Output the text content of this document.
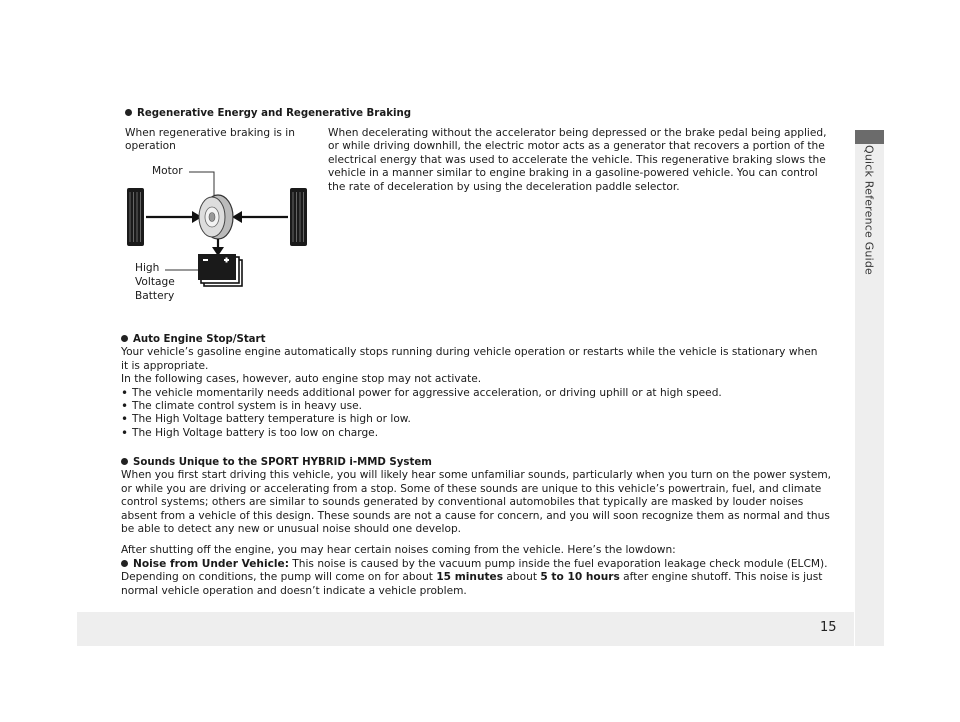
Quick Reference Guide
15
Regenerative Energy and Regenerative Braking
When regenerative braking is in operation
When decelerating without the accelerator being depressed or the brake pedal being applied, or while driving downhill, the electric motor acts as a generator that recovers a portion of the electrical energy that was used to accelerate the vehicle. This regenerative braking slows the vehicle in a manner similar to engine braking in a gasoline-powered vehicle. You can control the rate of deceleration by using the deceleration paddle selector.
Motor
High
Voltage
Battery
Auto Engine Stop/Start

Your vehicle’s gasoline engine automatically stops running during vehicle operation or restarts while the vehicle is stationary when it is appropriate.

In the following cases, however, auto engine stop may not activate.

• The vehicle momentarily needs additional power for aggressive acceleration, or driving uphill or at high speed.
• The climate control system is in heavy use.
• The High Voltage battery temperature is high or low.
• The High Voltage battery is too low on charge.
Sounds Unique to the SPORT HYBRID i-MMD System

When you first start driving this vehicle, you will likely hear some unfamiliar sounds, particularly when you turn on the power system, or while you are driving or accelerating from a stop. Some of these sounds are unique to this vehicle’s powertrain, fuel, and climate control systems; others are similar to sounds generated by conventional automobiles that typically are masked by louder noises absent from a vehicle of this design. These sounds are not a cause for concern, and you will soon recognize them as normal and thus be able to detect any new or unusual noise should one develop.

After shutting off the engine, you may hear certain noises coming from the vehicle. Here’s the lowdown:

Noise from Under Vehicle: This noise is caused by the vacuum pump inside the fuel evaporation leakage check module (ELCM).

Depending on conditions, the pump will come on for about 15 minutes about 5 to 10 hours after engine shutoff. This noise is just normal vehicle operation and doesn’t indicate a vehicle problem.
